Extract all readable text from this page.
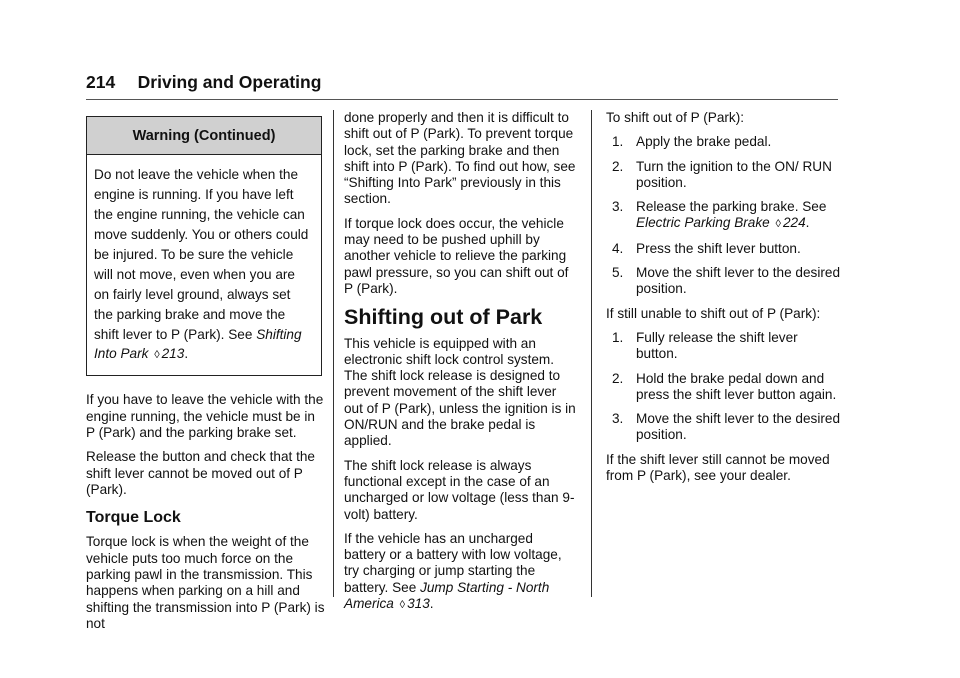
214 Driving and Operating
Warning (Continued)
Do not leave the vehicle when the engine is running. If you have left the engine running, the vehicle can move suddenly. You or others could be injured. To be sure the vehicle will not move, even when you are on fairly level ground, always set the parking brake and move the shift lever to P (Park). See Shifting Into Park ◊ 213.

If you have to leave the vehicle with the engine running, the vehicle must be in P (Park) and the parking brake set.

Release the button and check that the shift lever cannot be moved out of P (Park).

Torque Lock

Torque lock is when the weight of the vehicle puts too much force on the parking pawl in the transmission. This happens when parking on a hill and shifting the transmission into P (Park) is not

done properly and then it is difficult to shift out of P (Park). To prevent torque lock, set the parking brake and then shift into P (Park). To find out how, see “Shifting Into Park” previously in this section.

If torque lock does occur, the vehicle may need to be pushed uphill by another vehicle to relieve the parking pawl pressure, so you can shift out of P (Park).

Shifting out of Park

This vehicle is equipped with an electronic shift lock control system. The shift lock release is designed to prevent movement of the shift lever out of P (Park), unless the ignition is in ON/RUN and the brake pedal is applied.

The shift lock release is always functional except in the case of an uncharged or low voltage (less than 9-volt) battery.

If the vehicle has an uncharged battery or a battery with low voltage, try charging or jump starting the battery. See Jump Starting - North America ◊ 313.

To shift out of P (Park):

1. Apply the brake pedal.
2. Turn the ignition to the ON/ RUN position.
3. Release the parking brake. See Electric Parking Brake ◊ 224.
4. Press the shift lever button.
5. Move the shift lever to the desired position.

If still unable to shift out of P (Park):

1. Fully release the shift lever button.
2. Hold the brake pedal down and press the shift lever button again.
3. Move the shift lever to the desired position.

If the shift lever still cannot be moved from P (Park), see your dealer.
